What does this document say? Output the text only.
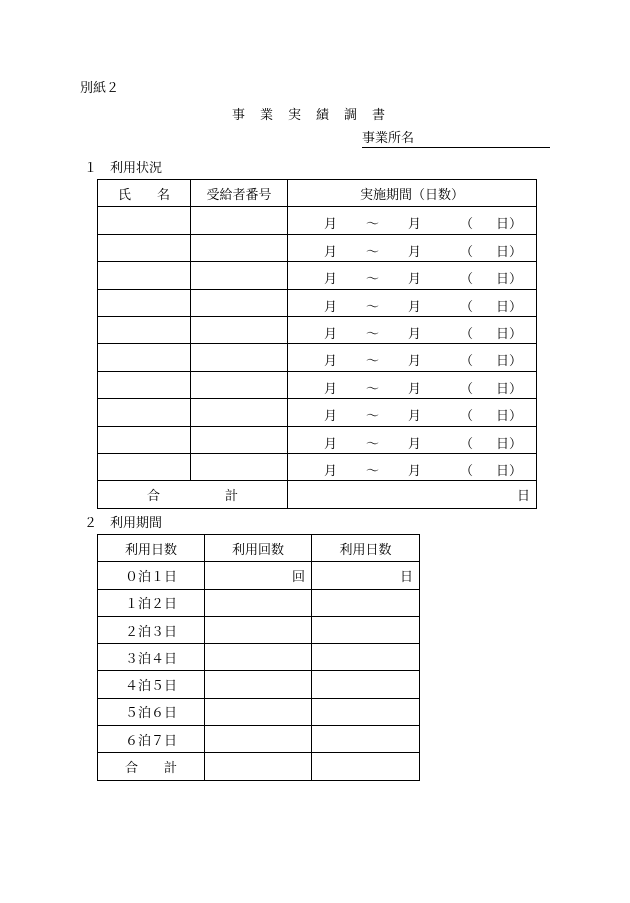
別紙２
事業実績調書
事業所名
１　利用状況
氏　　名	受給者番号	実施期間（日数）

		月 〜 月 （ 日）

		月 〜 月 （ 日）

		月 〜 月 （ 日）

		月 〜 月 （ 日）

		月 〜 月 （ 日）

		月 〜 月 （ 日）

		月 〜 月 （ 日）

		月 〜 月 （ 日）

		月 〜 月 （ 日）

		月 〜 月 （ 日）

合　　　　　計		日
２　利用期間
利用日数	利用回数	利用日数
０泊１日	回	日
１泊２日		
２泊３日		
３泊４日		
４泊５日		
５泊６日		
６泊７日		
合　　計		
